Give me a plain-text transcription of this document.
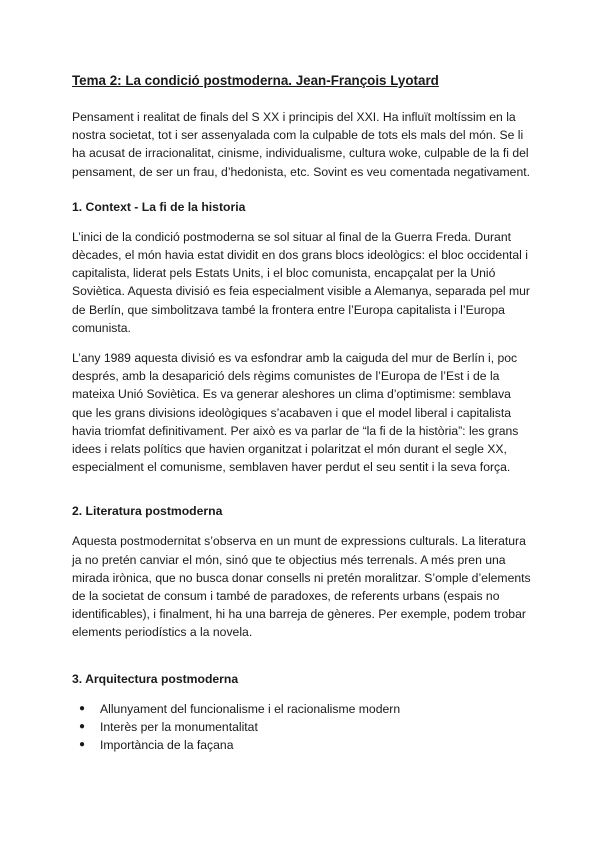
Tema 2: La condició postmoderna. Jean-François Lyotard

Pensament i realitat de finals del S XX i principis del XXI. Ha influït moltíssim en la nostra societat, tot i ser assenyalada com la culpable de tots els mals del món. Se li ha acusat de irracionalitat, cinisme, individualisme, cultura woke, culpable de la fi del pensament, de ser un frau, d’hedonista, etc. Sovint es veu comentada negativament.

1. Context - La fi de la historia

L’inici de la condició postmoderna se sol situar al final de la Guerra Freda. Durant dècades, el món havia estat dividit en dos grans blocs ideològics: el bloc occidental i capitalista, liderat pels Estats Units, i el bloc comunista, encapçalat per la Unió Soviètica. Aquesta divisió es feia especialment visible a Alemanya, separada pel mur de Berlín, que simbolitzava també la frontera entre l’Europa capitalista i l’Europa comunista.

L’any 1989 aquesta divisió es va esfondrar amb la caiguda del mur de Berlín i, poc després, amb la desaparició dels règims comunistes de l’Europa de l’Est i de la mateixa Unió Soviètica. Es va generar aleshores un clima d’optimisme: semblava que les grans divisions ideològiques s’acabaven i que el model liberal i capitalista havia triomfat definitivament. Per això es va parlar de “la fi de la història”: les grans idees i relats polítics que havien organitzat i polaritzat el món durant el segle XX, especialment el comunisme, semblaven haver perdut el seu sentit i la seva força.

2. Literatura postmoderna

Aquesta postmodernitat s’observa en un munt de expressions culturals. La literatura ja no pretén canviar el món, sinó que te objectius més terrenals. A més pren una mirada irònica, que no busca donar consells ni pretén moralitzar. S’omple d’elements de la societat de consum i també de paradoxes, de referents urbans (espais no identificables), i finalment, hi ha una barreja de gèneres. Per exemple, podem trobar elements periodístics a la novela.

3. Arquitectura postmoderna
● Allunyament del funcionalisme i el racionalisme modern
● Interès per la monumentalitat
● Importància de la façana
